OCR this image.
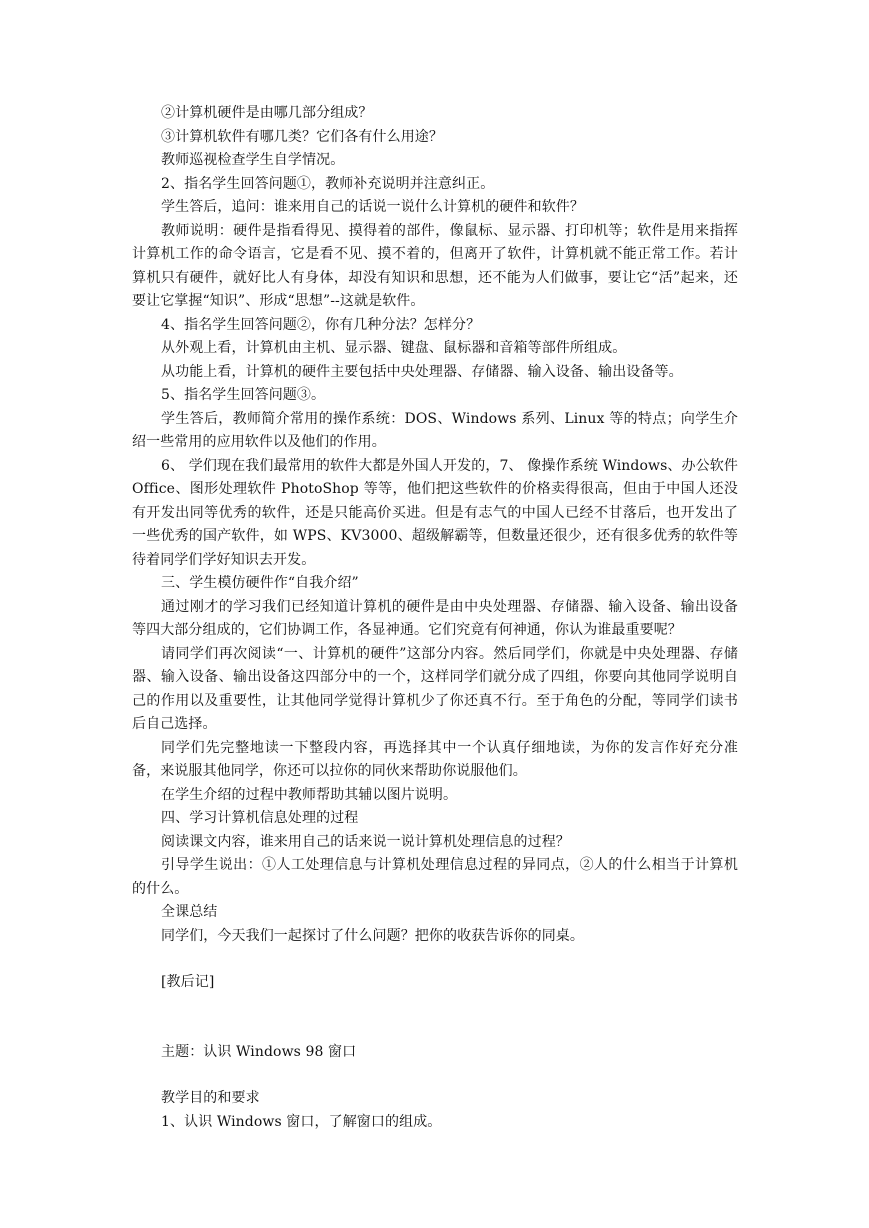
②计算机硬件是由哪几部分组成？

③计算机软件有哪几类？它们各有什么用途？

教师巡视检查学生自学情况。

2、指名学生回答问题①，教师补充说明并注意纠正。

学生答后，追问：谁来用自己的话说一说什么计算机的硬件和软件？

教师说明：硬件是指看得见、摸得着的部件，像鼠标、显示器、打印机等；软件是用来指挥计算机工作的命令语言，它是看不见、摸不着的，但离开了软件，计算机就不能正常工作。若计算机只有硬件，就好比人有身体，却没有知识和思想，还不能为人们做事，要让它“活”起来，还要让它掌握“知识”、形成“思想”--这就是软件。

4、指名学生回答问题②，你有几种分法？怎样分？

从外观上看，计算机由主机、显示器、键盘、鼠标器和音箱等部件所组成。

从功能上看，计算机的硬件主要包括中央处理器、存储器、输入设备、输出设备等。

5、指名学生回答问题③。

学生答后，教师简介常用的操作系统：DOS、Windows 系列、Linux 等的特点；向学生介绍一些常用的应用软件以及他们的作用。

6、 学们现在我们最常用的软件大都是外国人开发的，7、 像操作系统 Windows、办公软件 Office、图形处理软件 PhotoShop 等等，他们把这些软件的价格卖得很高，但由于中国人还没有开发出同等优秀的软件，还是只能高价买进。但是有志气的中国人已经不甘落后，也开发出了一些优秀的国产软件，如 WPS、KV3000、超级解霸等，但数量还很少，还有很多优秀的软件等待着同学们学好知识去开发。

三、学生模仿硬件作“自我介绍”

通过刚才的学习我们已经知道计算机的硬件是由中央处理器、存储器、输入设备、输出设备等四大部分组成的，它们协调工作，各显神通。它们究竟有何神通，你认为谁最重要呢？

请同学们再次阅读“一、计算机的硬件”这部分内容。然后同学们，你就是中央处理器、存储器、输入设备、输出设备这四部分中的一个，这样同学们就分成了四组，你要向其他同学说明自己的作用以及重要性，让其他同学觉得计算机少了你还真不行。至于角色的分配，等同学们读书后自己选择。

同学们先完整地读一下整段内容，再选择其中一个认真仔细地读，为你的发言作好充分准备，来说服其他同学，你还可以拉你的同伙来帮助你说服他们。

在学生介绍的过程中教师帮助其辅以图片说明。

四、学习计算机信息处理的过程

阅读课文内容，谁来用自己的话来说一说计算机处理信息的过程？

引导学生说出：①人工处理信息与计算机处理信息过程的异同点，②人的什么相当于计算机的什么。

全课总结

同学们，今天我们一起探讨了什么问题？把你的收获告诉你的同桌。

[教后记]

主题：认识 Windows 98 窗口

教学目的和要求

1、认识 Windows 窗口，了解窗口的组成。
